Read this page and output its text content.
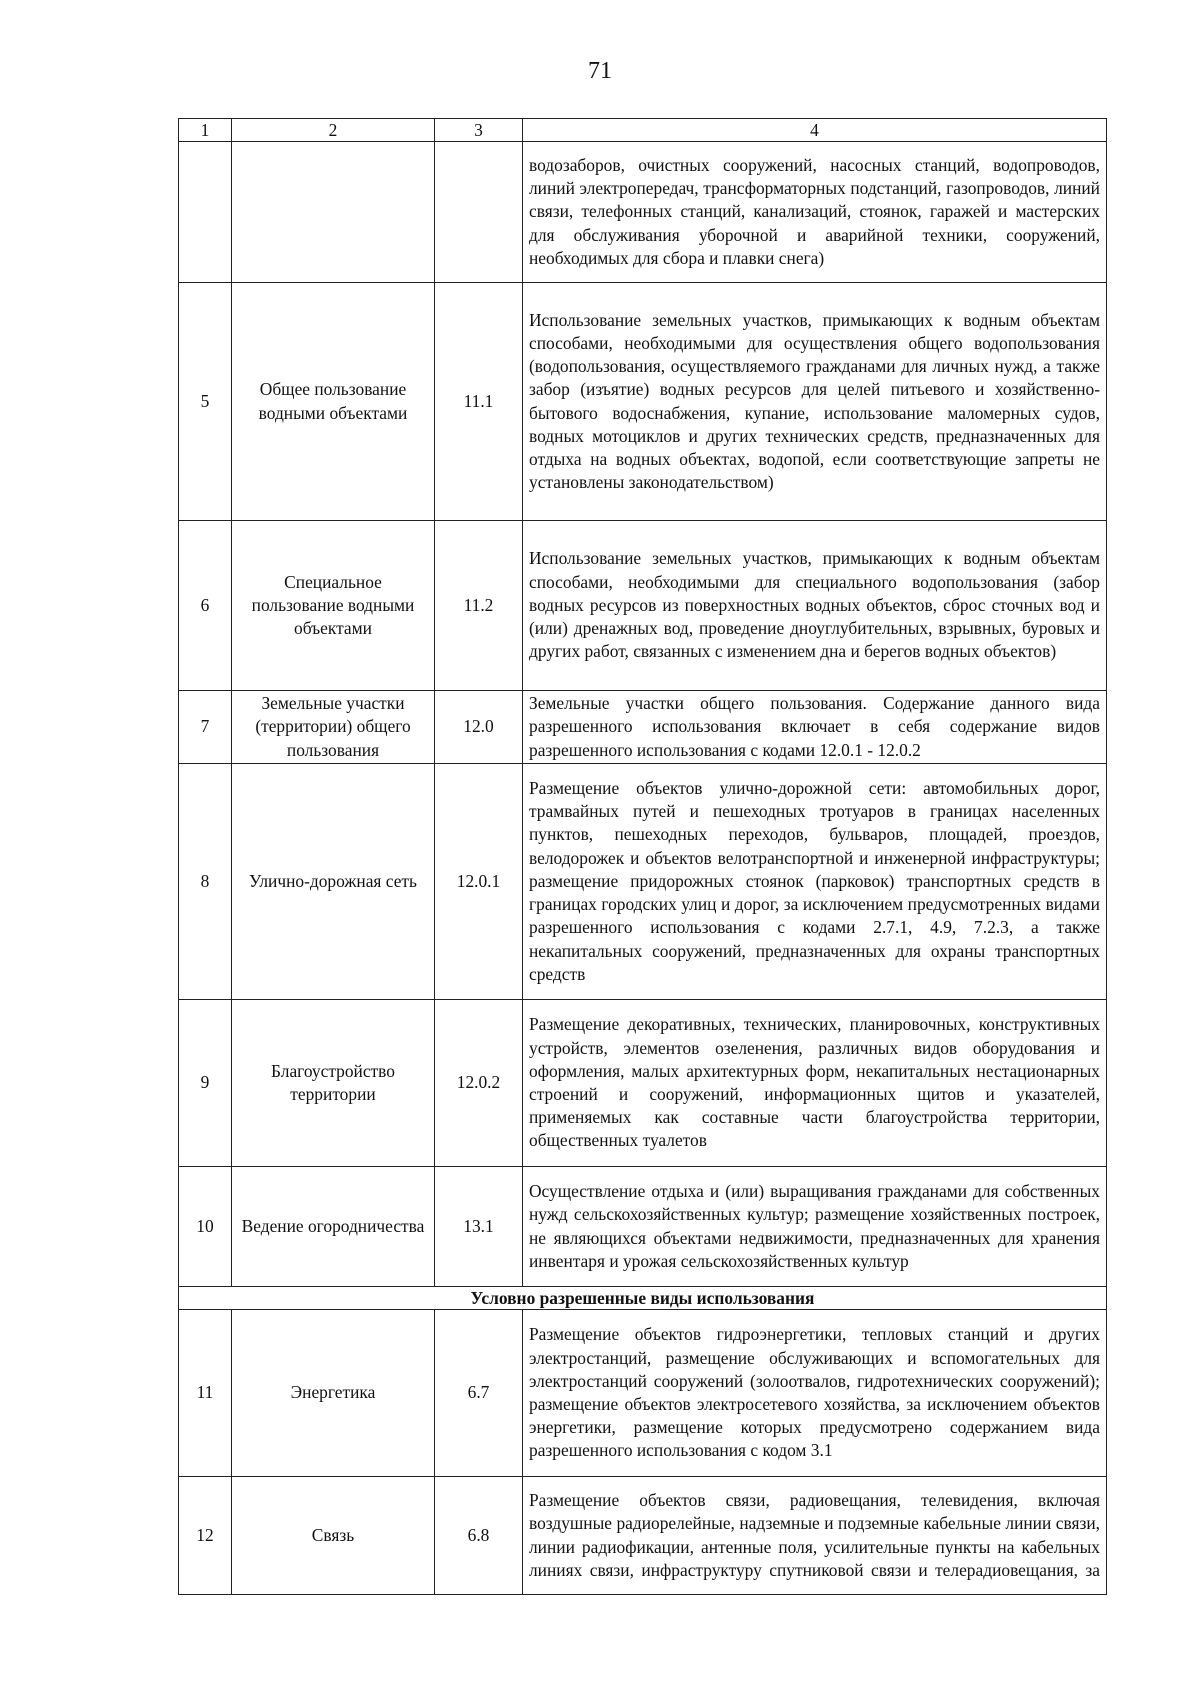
71
1	2	3	4
			водозаборов, очистных сооружений, насосных станций, водопроводов, линий электропередач, трансформаторных подстанций, газопроводов, линий связи, телефонных станций, канализаций, стоянок, гаражей и мастерских для обслуживания уборочной и аварийной техники, сооружений, необходимых для сбора и плавки снега)
5	Общее пользование водными объектами	11.1	Использование земельных участков, примыкающих к водным объектам способами, необходимыми для осуществления общего водопользования (водопользования, осуществляемого гражданами для личных нужд, а также забор (изъятие) водных ресурсов для целей питьевого и хозяйственно-бытового водоснабжения, купание, использование маломерных судов, водных мотоциклов и других технических средств, предназначенных для отдыха на водных объектах, водопой, если соответствующие запреты не установлены законодательством)
6	Специальное пользование водными объектами	11.2	Использование земельных участков, примыкающих к водным объектам способами, необходимыми для специального водопользования (забор водных ресурсов из поверхностных водных объектов, сброс сточных вод и (или) дренажных вод, проведение дноуглубительных, взрывных, буровых и других работ, связанных с изменением дна и берегов водных объектов)
7	Земельные участки (территории) общего пользования	12.0	Земельные участки общего пользования. Содержание данного вида разрешенного использования включает в себя содержание видов разрешенного использования с кодами 12.0.1 - 12.0.2
8	Улично-дорожная сеть	12.0.1	Размещение объектов улично-дорожной сети: автомобильных дорог, трамвайных путей и пешеходных тротуаров в границах населенных пунктов, пешеходных переходов, бульваров, площадей, проездов, велодорожек и объектов велотранспортной и инженерной инфраструктуры; размещение придорожных стоянок (парковок) транспортных средств в границах городских улиц и дорог, за исключением предусмотренных видами разрешенного использования с кодами 2.7.1, 4.9, 7.2.3, а также некапитальных сооружений, предназначенных для охраны транспортных средств
9	Благоустройство территории	12.0.2	Размещение декоративных, технических, планировочных, конструктивных устройств, элементов озеленения, различных видов оборудования и оформления, малых архитектурных форм, некапитальных нестационарных строений и сооружений, информационных щитов и указателей, применяемых как составные части благоустройства территории, общественных туалетов
10	Ведение огородничества	13.1	Осуществление отдыха и (или) выращивания гражданами для собственных нужд сельскохозяйственных культур; размещение хозяйственных построек, не являющихся объектами недвижимости, предназначенных для хранения инвентаря и урожая сельскохозяйственных культур
Условно разрешенные виды использования			
11	Энергетика	6.7	Размещение объектов гидроэнергетики, тепловых станций и других электростанций, размещение обслуживающих и вспомогательных для электростанций сооружений (золоотвалов, гидротехнических сооружений); размещение объектов электросетевого хозяйства, за исключением объектов энергетики, размещение которых предусмотрено содержанием вида разрешенного использования с кодом 3.1
12	Связь	6.8	Размещение объектов связи, радиовещания, телевидения, включая воздушные радиорелейные, надземные и подземные кабельные линии связи, линии радиофикации, антенные поля, усилительные пункты на кабельных линиях связи, инфраструктуру спутниковой связи и телерадиовещания, за
